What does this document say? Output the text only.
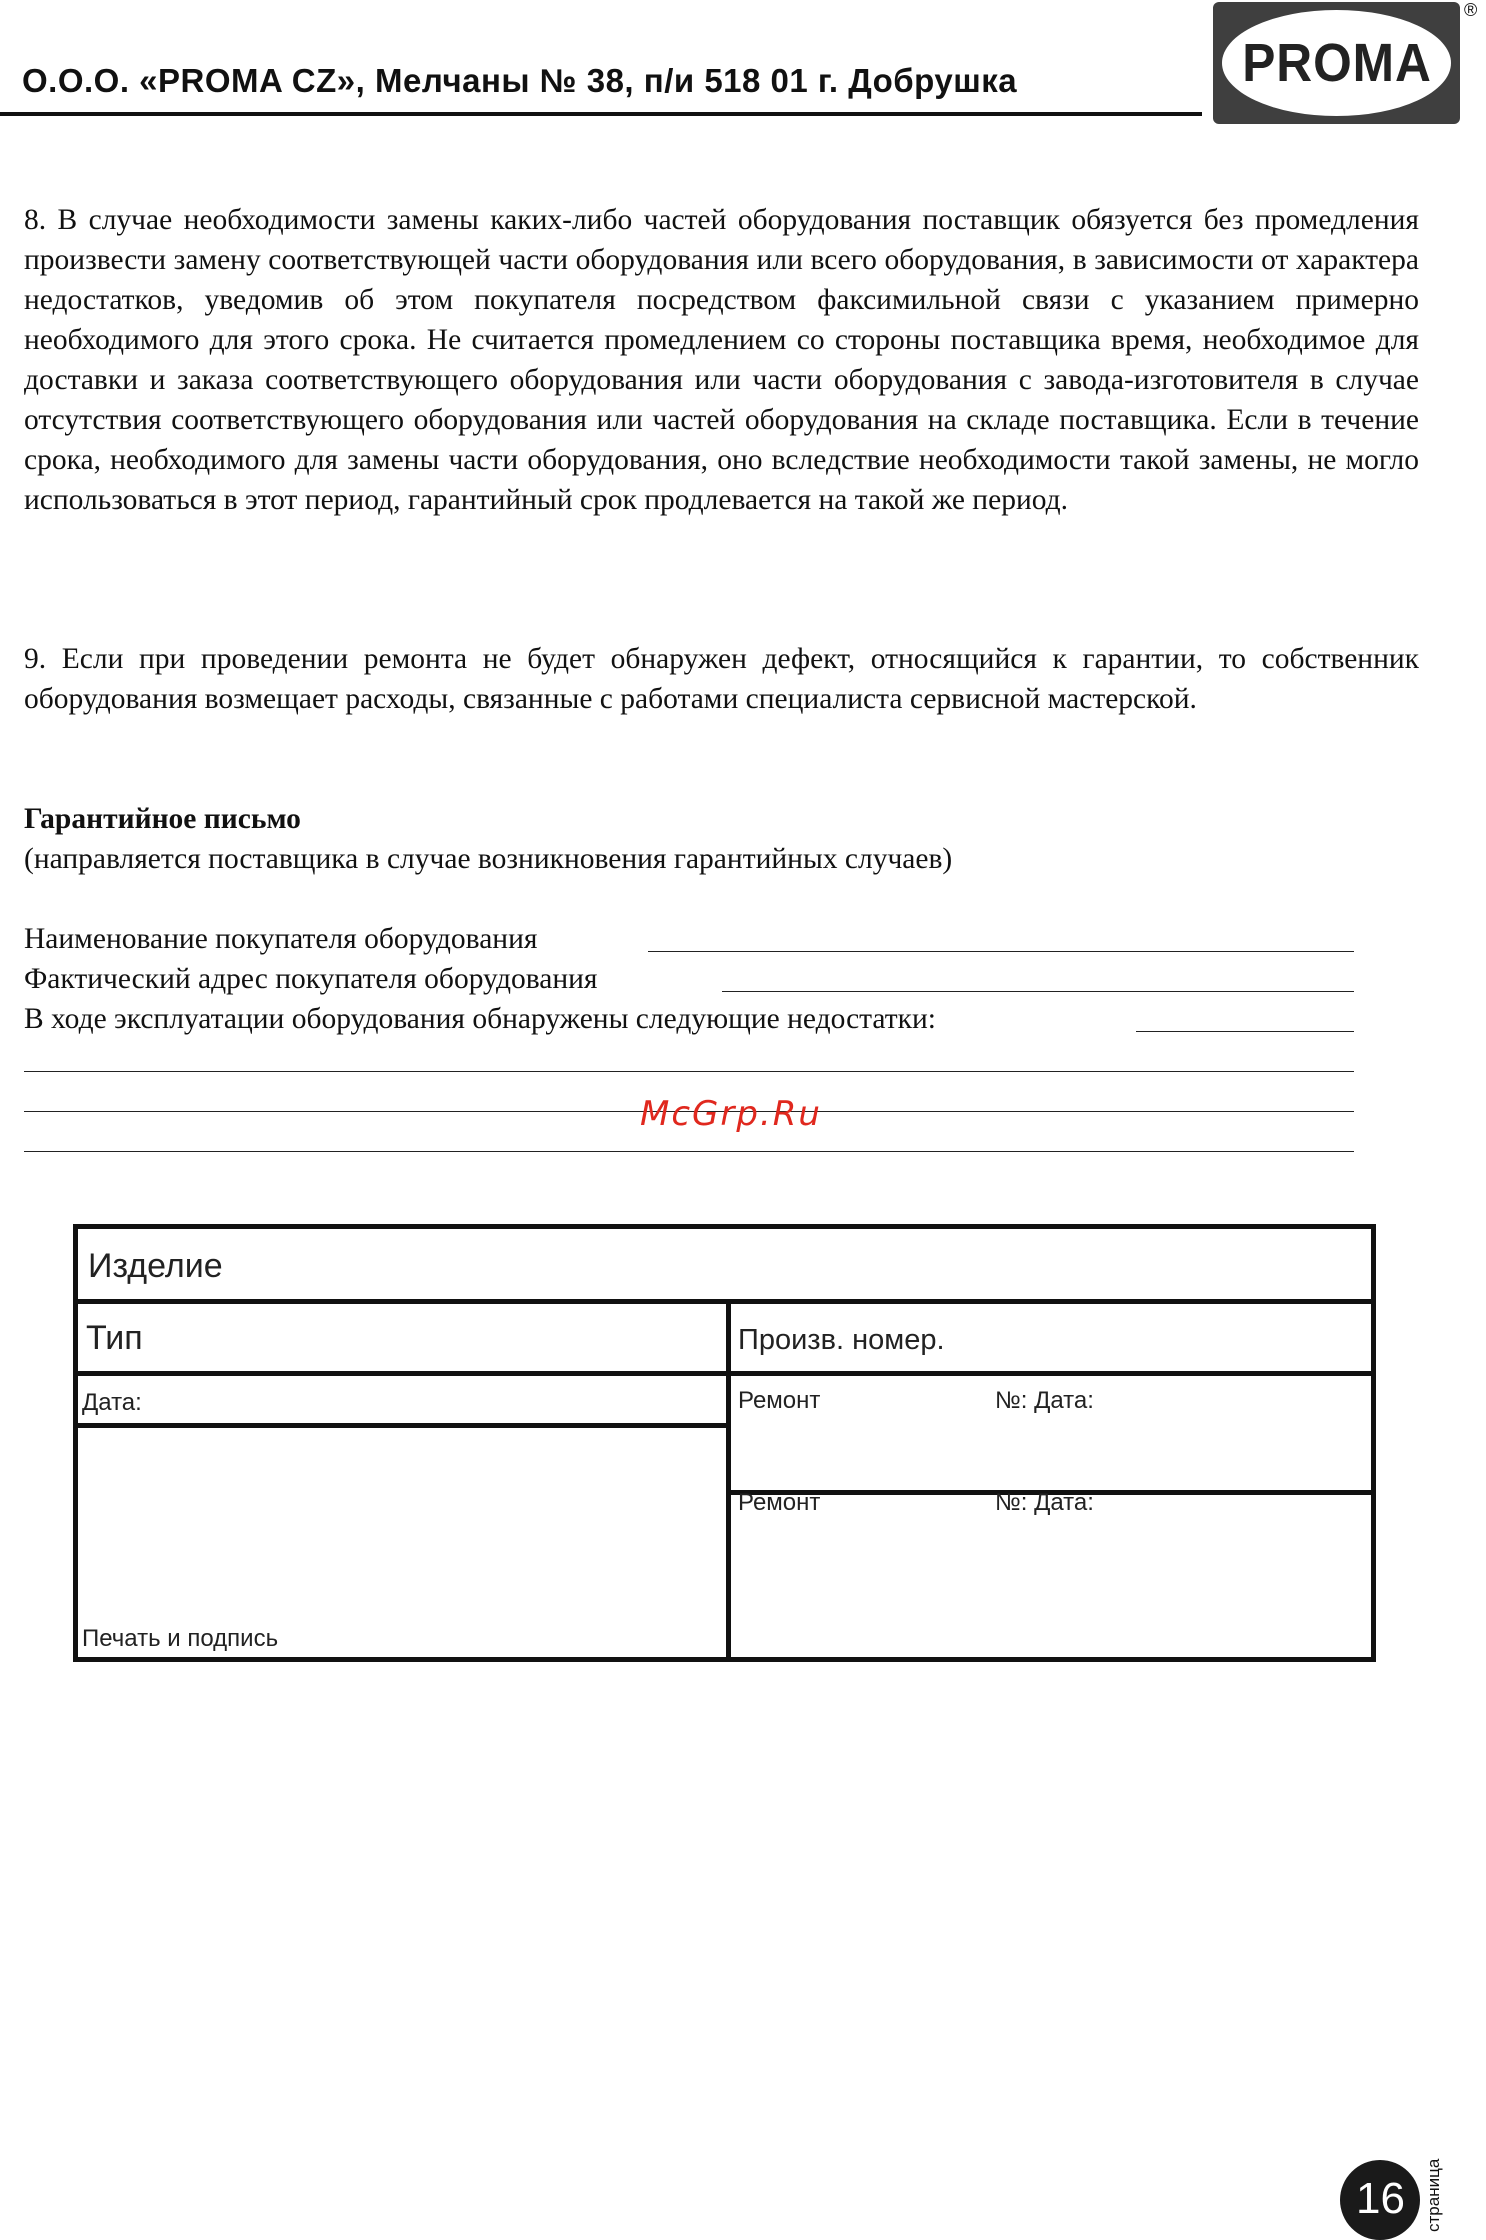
О.О.О. «PROMA CZ», Мелчаны № 38, п/и 518 01 г. Добрушка	PROMA
®
8. В случае необходимости замены каких-либо частей оборудования поставщик обязуется без промедления произвести замену соответствующей части оборудования или всего оборудования, в зависимости от характера недостатков, уведомив об этом покупателя посредством факсимильной связи с указанием примерно необходимого для этого срока. Не считается промедлением со стороны поставщика время, необходимое для доставки и заказа соответствующего оборудования или части оборудования с завода-изготовителя в случае отсутствия соответствующего оборудования или частей оборудования на складе поставщика. Если в течение срока, необходимого для замены части оборудования, оно вследствие необходимости такой замены, не могло использоваться в этот период, гарантийный срок продлевается на такой же период.
9. Если при проведении ремонта не будет обнаружен дефект, относящийся к гарантии, то собственник оборудования возмещает расходы, связанные с работами специалиста сервисной мастерской.
Гарантийное письмо
(направляется поставщика в случае возникновения гарантийных случаев)
Наименование покупателя оборудования
Фактический адрес покупателя оборудования
В ходе эксплуатации оборудования обнаружены следующие недостатки:
McGrp.Ru
Изделие
Тип	Произв. номер.
Дата:	Ремонт	№: Дата:
Ремонт	№: Дата:
Печать и подпись
16 страница
